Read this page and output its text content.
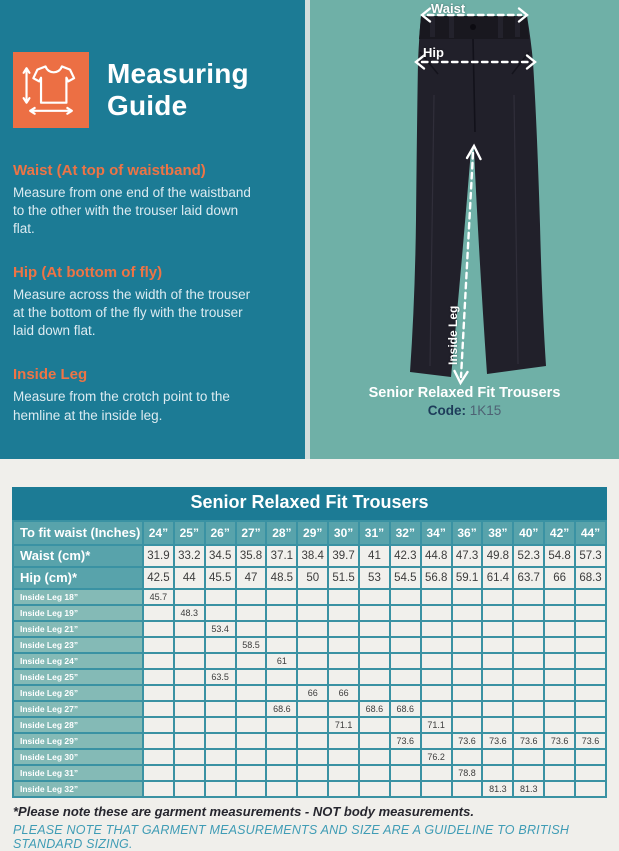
Measuring
Guide
Waist (At top of waistband)
Measure from one end of the waistband
to the other with the trouser laid down
flat.
Hip (At bottom of fly)
Measure across the width of the trouser
at the bottom of the fly with the trouser
laid down flat.
Inside Leg
Measure from the crotch point to the
hemline at the inside leg.
Waist
Hip
Inside Leg
Senior Relaxed Fit Trousers
Code: 1K15
Senior Relaxed Fit Trousers
To fit waist (Inches)	24”	25”	26”	27”	28”	29”	30”	31”	32”	34”	36”	38”	40”	42”	44”
Waist (cm)*	31.9	33.2	34.5	35.8	37.1	38.4	39.7	41	42.3	44.8	47.3	49.8	52.3	54.8	57.3
Hip (cm)*	42.5	44	45.5	47	48.5	50	51.5	53	54.5	56.8	59.1	61.4	63.7	66	68.3
Inside Leg 18”	45.7														
Inside Leg 19”		48.3													
Inside Leg 21”			53.4												
Inside Leg 23”				58.5											
Inside Leg 24”					61										
Inside Leg 25”			63.5												
Inside Leg 26”						66	66								
Inside Leg 27”					68.6			68.6	68.6						
Inside Leg 28”							71.1			71.1					
Inside Leg 29”									73.6		73.6	73.6	73.6	73.6	73.6
Inside Leg 30”										76.2					
Inside Leg 31”											78.8				
Inside Leg 32”												81.3	81.3		
*Please note these are garment measurements - NOT body measurements.
PLEASE NOTE THAT GARMENT MEASUREMENTS AND SIZE ARE A GUIDELINE TO BRITISH STANDARD SIZING.
